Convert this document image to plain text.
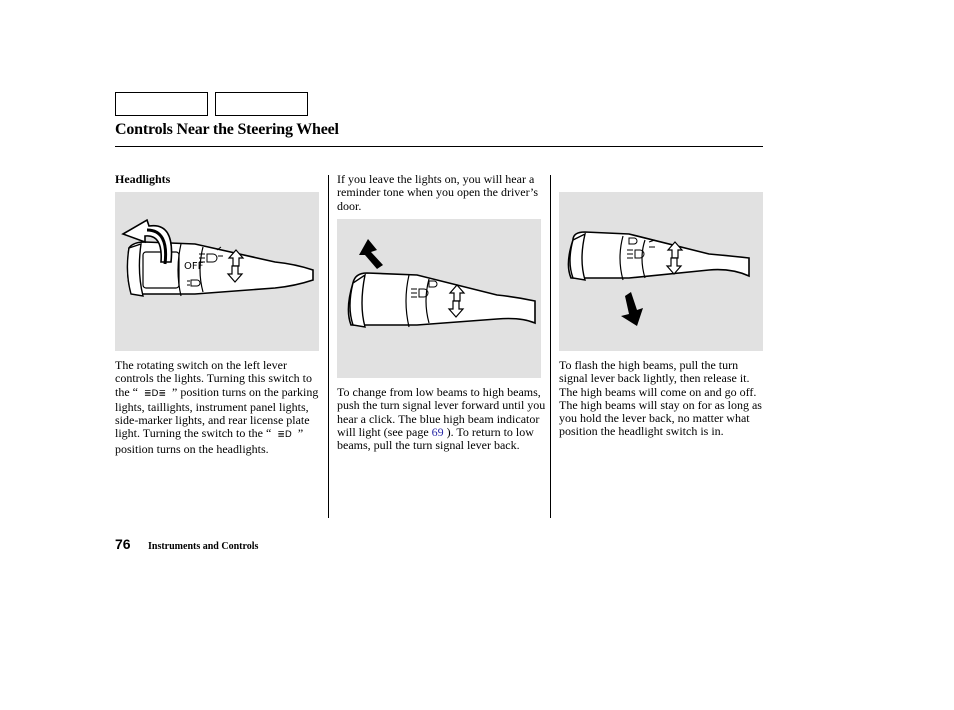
Controls Near the Steering Wheel
Headlights
OFF
The rotating switch on the left lever controls the lights. Turning this switch to the “ ≣D≣ ” position turns on the parking lights, taillights, instrument panel lights, side-marker lights, and rear license plate light. Turning the switch to the “ ≣D ” position turns on the headlights.
If you leave the lights on, you will hear a reminder tone when you open the driver’s door.
To change from low beams to high beams, push the turn signal lever forward until you hear a click. The blue high beam indicator will light (see page 69 ). To return to low beams, pull the turn signal lever back.
To flash the high beams, pull the turn signal lever back lightly, then release it. The high beams will come on and go off. The high beams will stay on for as long as you hold the lever back, no matter what position the headlight switch is in.
76 Instruments and Controls
